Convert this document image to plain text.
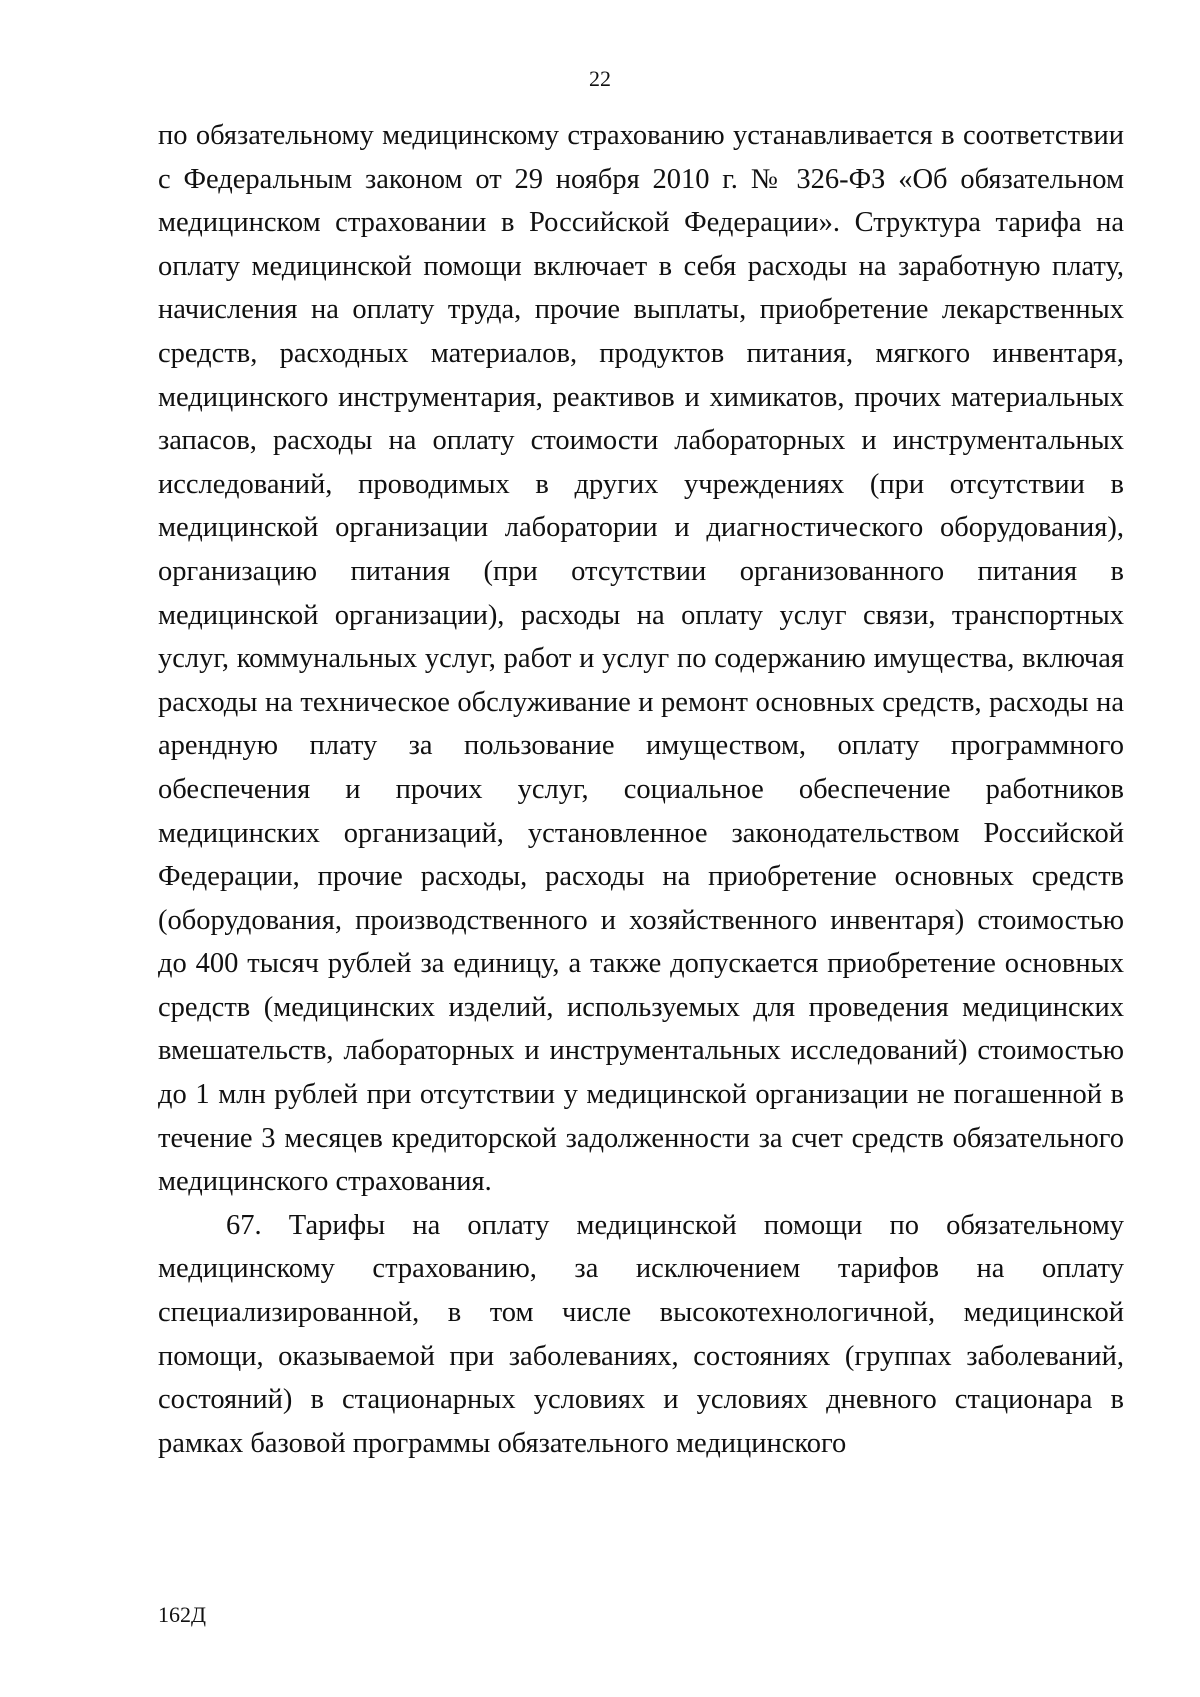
22

по обязательному медицинскому страхованию устанавливается в соответствии с Федеральным законом от 29 ноября 2010 г. № 326-ФЗ «Об обязательном медицинском страховании в Российской Федерации». Структура тарифа на оплату медицинской помощи включает в себя расходы на заработную плату, начисления на оплату труда, прочие выплаты, приобретение лекарственных средств, расходных материалов, продуктов питания, мягкого инвентаря, медицинского инструментария, реактивов и химикатов, прочих материальных запасов, расходы на оплату стоимости лабораторных и инструментальных исследований, проводимых в других учреждениях (при отсутствии в медицинской организации лаборатории и диагностического оборудования), организацию питания (при отсутствии организованного питания в медицинской организации), расходы на оплату услуг связи, транспортных услуг, коммунальных услуг, работ и услуг по содержанию имущества, включая расходы на техническое обслуживание и ремонт основных средств, расходы на арендную плату за пользование имуществом, оплату программного обеспечения и прочих услуг, социальное обеспечение работников медицинских организаций, установленное законодательством Российской Федерации, прочие расходы, расходы на приобретение основных средств (оборудования, производственного и хозяйственного инвентаря) стоимостью до 400 тысяч рублей за единицу, а также допускается приобретение основных средств (медицинских изделий, используемых для проведения медицинских вмешательств, лабораторных и инструментальных исследований) стоимостью до 1 млн рублей при отсутствии у медицинской организации не погашенной в течение 3 месяцев кредиторской задолженности за счет средств обязательного медицинского страхования.

67. Тарифы на оплату медицинской помощи по обязательному медицинскому страхованию, за исключением тарифов на оплату специализированной, в том числе высокотехнологичной, медицинской помощи, оказываемой при заболеваниях, состояниях (группах заболеваний, состояний) в стационарных условиях и условиях дневного стационара в рамках базовой программы обязательного медицинского

162Д
